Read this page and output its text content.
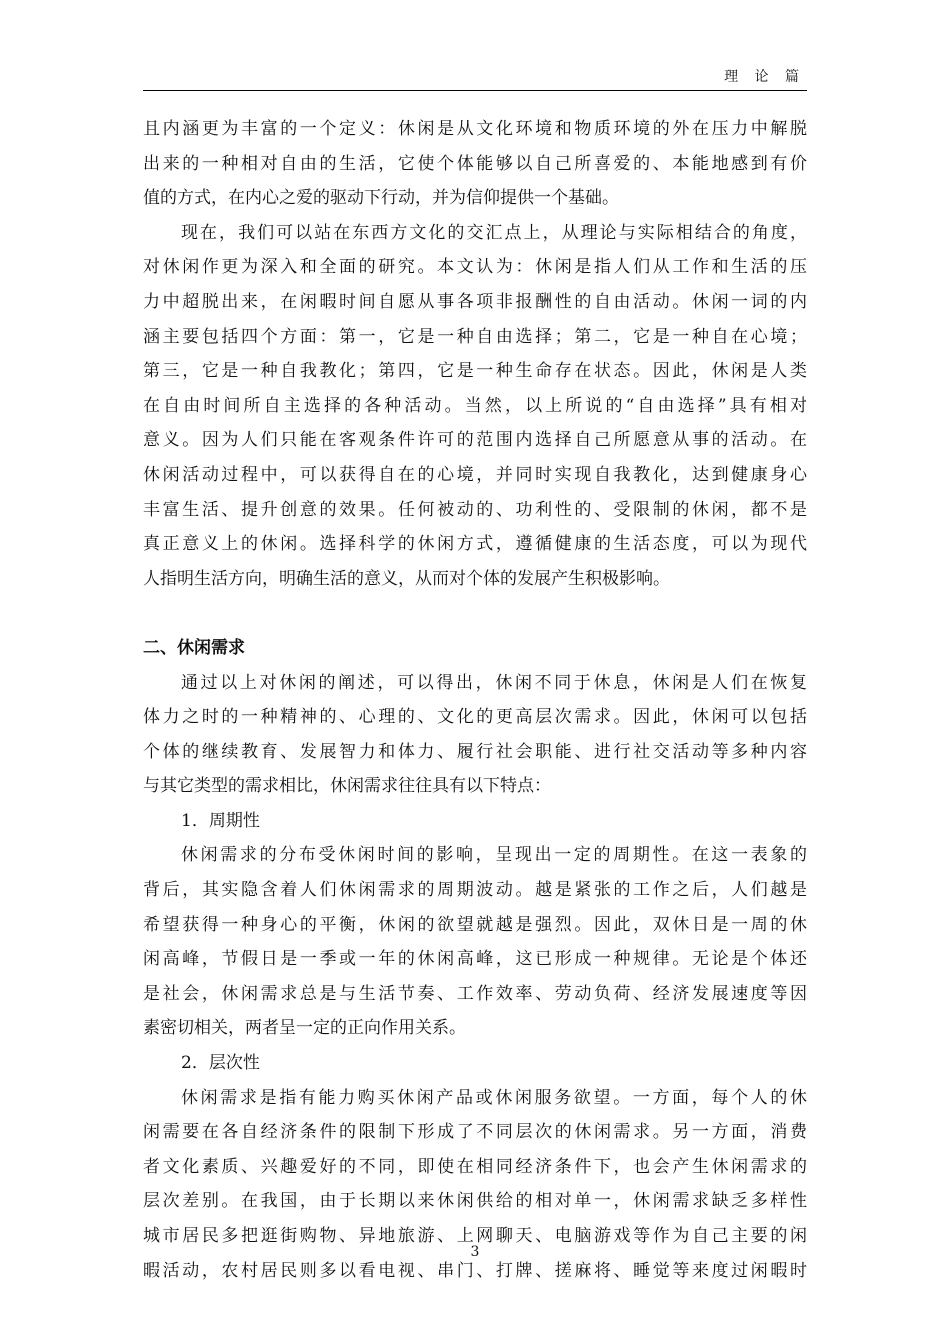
理 论 篇
且内涵更为丰富的一个定义：休闲是从文化环境和物质环境的外在压力中解脱
出来的一种相对自由的生活，它使个体能够以自己所喜爱的、本能地感到有价
值的方式，在内心之爱的驱动下行动，并为信仰提供一个基础。
现在，我们可以站在东西方文化的交汇点上，从理论与实际相结合的角度，
对休闲作更为深入和全面的研究。本文认为：休闲是指人们从工作和生活的压
力中超脱出来，在闲暇时间自愿从事各项非报酬性的自由活动。休闲一词的内
涵主要包括四个方面：第一，它是一种自由选择；第二，它是一种自在心境；
第三，它是一种自我教化；第四，它是一种生命存在状态。因此，休闲是人类
在自由时间所自主选择的各种活动。当然，以上所说的“自由选择”具有相对
意义。因为人们只能在客观条件许可的范围内选择自己所愿意从事的活动。在
休闲活动过程中，可以获得自在的心境，并同时实现自我教化，达到健康身心
丰富生活、提升创意的效果。任何被动的、功利性的、受限制的休闲，都不是
真正意义上的休闲。选择科学的休闲方式，遵循健康的生活态度，可以为现代
人指明生活方向，明确生活的意义，从而对个体的发展产生积极影响。
二、休闲需求
通过以上对休闲的阐述，可以得出，休闲不同于休息，休闲是人们在恢复
体力之时的一种精神的、心理的、文化的更高层次需求。因此，休闲可以包括
个体的继续教育、发展智力和体力、履行社会职能、进行社交活动等多种内容
与其它类型的需求相比，休闲需求往往具有以下特点：
1．周期性
休闲需求的分布受休闲时间的影响，呈现出一定的周期性。在这一表象的
背后，其实隐含着人们休闲需求的周期波动。越是紧张的工作之后，人们越是
希望获得一种身心的平衡，休闲的欲望就越是强烈。因此，双休日是一周的休
闲高峰，节假日是一季或一年的休闲高峰，这已形成一种规律。无论是个体还
是社会，休闲需求总是与生活节奏、工作效率、劳动负荷、经济发展速度等因
素密切相关，两者呈一定的正向作用关系。
2．层次性
休闲需求是指有能力购买休闲产品或休闲服务欲望。一方面，每个人的休
闲需要在各自经济条件的限制下形成了不同层次的休闲需求。另一方面，消费
者文化素质、兴趣爱好的不同，即使在相同经济条件下，也会产生休闲需求的
层次差别。在我国，由于长期以来休闲供给的相对单一，休闲需求缺乏多样性
城市居民多把逛街购物、异地旅游、上网聊天、电脑游戏等作为自己主要的闲
暇活动，农村居民则多以看电视、串门、打牌、搓麻将、睡觉等来度过闲暇时
3
